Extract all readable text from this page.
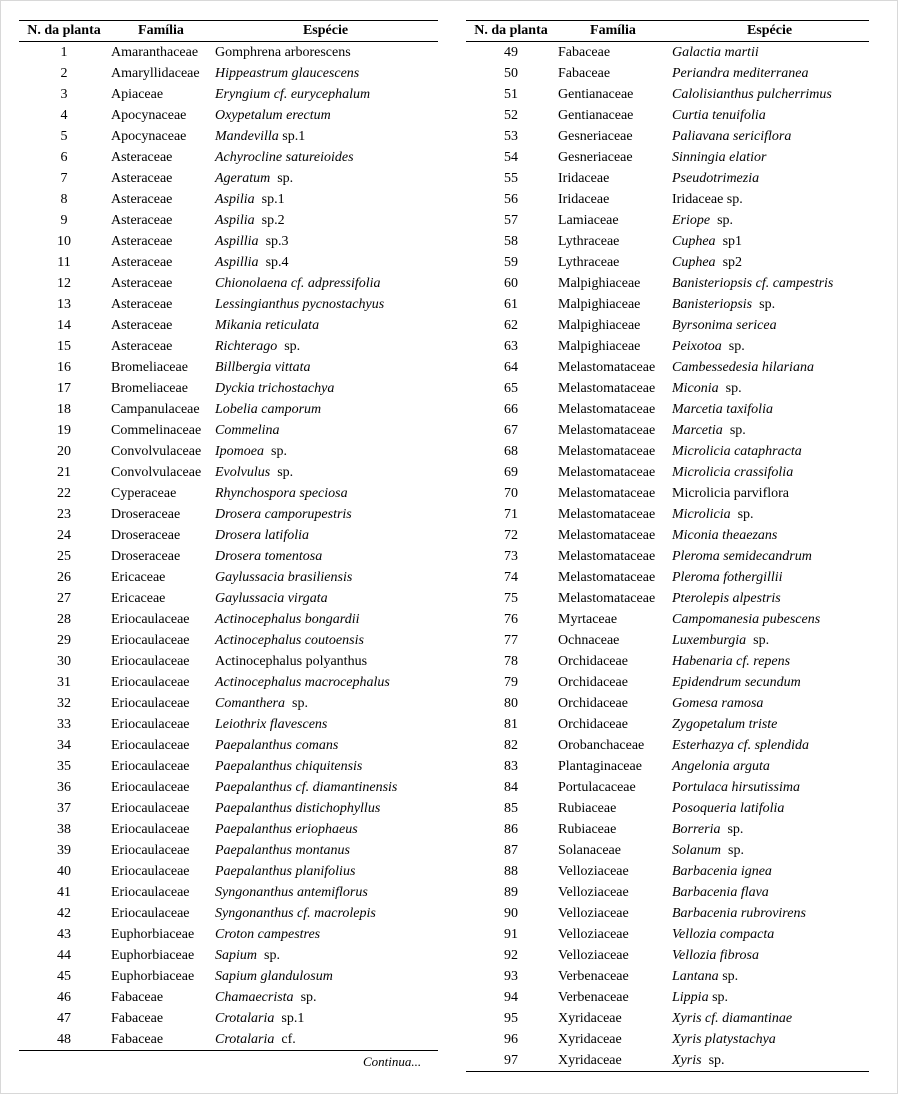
N. da planta	Família	Espécie
1	Amaranthaceae	Gomphrena arborescens
2	Amaryllidaceae	Hippeastrum glaucescens
3	Apiaceae	Eryngium cf. eurycephalum
4	Apocynaceae	Oxypetalum erectum
5	Apocynaceae	Mandevilla sp.1
6	Asteraceae	Achyrocline satureioides
7	Asteraceae	Ageratum  sp.
8	Asteraceae	Aspilia  sp.1
9	Asteraceae	Aspilia  sp.2
10	Asteraceae	Aspillia  sp.3
11	Asteraceae	Aspillia  sp.4
12	Asteraceae	Chionolaena cf. adpressifolia
13	Asteraceae	Lessingianthus pycnostachyus
14	Asteraceae	Mikania reticulata
15	Asteraceae	Richterago  sp.
16	Bromeliaceae	Billbergia vittata
17	Bromeliaceae	Dyckia trichostachya
18	Campanulaceae	Lobelia camporum
19	Commelinaceae	Commelina
20	Convolvulaceae	Ipomoea  sp.
21	Convolvulaceae	Evolvulus  sp.
22	Cyperaceae	Rhynchospora speciosa
23	Droseraceae	Drosera camporupestris
24	Droseraceae	Drosera latifolia
25	Droseraceae	Drosera tomentosa
26	Ericaceae	Gaylussacia brasiliensis
27	Ericaceae	Gaylussacia virgata
28	Eriocaulaceae	Actinocephalus bongardii
29	Eriocaulaceae	Actinocephalus coutoensis
30	Eriocaulaceae	Actinocephalus polyanthus
31	Eriocaulaceae	Actinocephalus macrocephalus
32	Eriocaulaceae	Comanthera  sp.
33	Eriocaulaceae	Leiothrix flavescens
34	Eriocaulaceae	Paepalanthus comans
35	Eriocaulaceae	Paepalanthus chiquitensis
36	Eriocaulaceae	Paepalanthus cf. diamantinensis
37	Eriocaulaceae	Paepalanthus distichophyllus
38	Eriocaulaceae	Paepalanthus eriophaeus
39	Eriocaulaceae	Paepalanthus montanus
40	Eriocaulaceae	Paepalanthus planifolius
41	Eriocaulaceae	Syngonanthus antemiflorus
42	Eriocaulaceae	Syngonanthus cf. macrolepis
43	Euphorbiaceae	Croton campestres
44	Euphorbiaceae	Sapium  sp.
45	Euphorbiaceae	Sapium glandulosum
46	Fabaceae	Chamaecrista  sp.
47	Fabaceae	Crotalaria  sp.1
48	Fabaceae	Crotalaria  cf.
N. da planta	Família	Espécie
49	Fabaceae	Galactia martii
50	Fabaceae	Periandra mediterranea
51	Gentianaceae	Calolisianthus pulcherrimus
52	Gentianaceae	Curtia tenuifolia
53	Gesneriaceae	Paliavana sericiflora
54	Gesneriaceae	Sinningia elatior
55	Iridaceae	Pseudotrimezia
56	Iridaceae	Iridaceae sp.
57	Lamiaceae	Eriope  sp.
58	Lythraceae	Cuphea  sp1
59	Lythraceae	Cuphea  sp2
60	Malpighiaceae	Banisteriopsis cf. campestris
61	Malpighiaceae	Banisteriopsis  sp.
62	Malpighiaceae	Byrsonima sericea
63	Malpighiaceae	Peixotoa  sp.
64	Melastomataceae	Cambessedesia hilariana
65	Melastomataceae	Miconia  sp.
66	Melastomataceae	Marcetia taxifolia
67	Melastomataceae	Marcetia  sp.
68	Melastomataceae	Microlicia cataphracta
69	Melastomataceae	Microlicia crassifolia
70	Melastomataceae	Microlicia parviflora
71	Melastomataceae	Microlicia  sp.
72	Melastomataceae	Miconia theaezans
73	Melastomataceae	Pleroma semidecandrum
74	Melastomataceae	Pleroma fothergillii
75	Melastomataceae	Pterolepis alpestris
76	Myrtaceae	Campomanesia pubescens
77	Ochnaceae	Luxemburgia  sp.
78	Orchidaceae	Habenaria cf. repens
79	Orchidaceae	Epidendrum secundum
80	Orchidaceae	Gomesa ramosa
81	Orchidaceae	Zygopetalum triste
82	Orobanchaceae	Esterhazya cf. splendida
83	Plantaginaceae	Angelonia arguta
84	Portulacaceae	Portulaca hirsutissima
85	Rubiaceae	Posoqueria latifolia
86	Rubiaceae	Borreria  sp.
87	Solanaceae	Solanum  sp.
88	Velloziaceae	Barbacenia ignea
89	Velloziaceae	Barbacenia flava
90	Velloziaceae	Barbacenia rubrovirens
91	Velloziaceae	Vellozia compacta
92	Velloziaceae	Vellozia fibrosa
93	Verbenaceae	Lantana sp.
94	Verbenaceae	Lippia sp.
95	Xyridaceae	Xyris cf. diamantinae
96	Xyridaceae	Xyris platystachya
97	Xyridaceae	Xyris  sp.
Continua...
